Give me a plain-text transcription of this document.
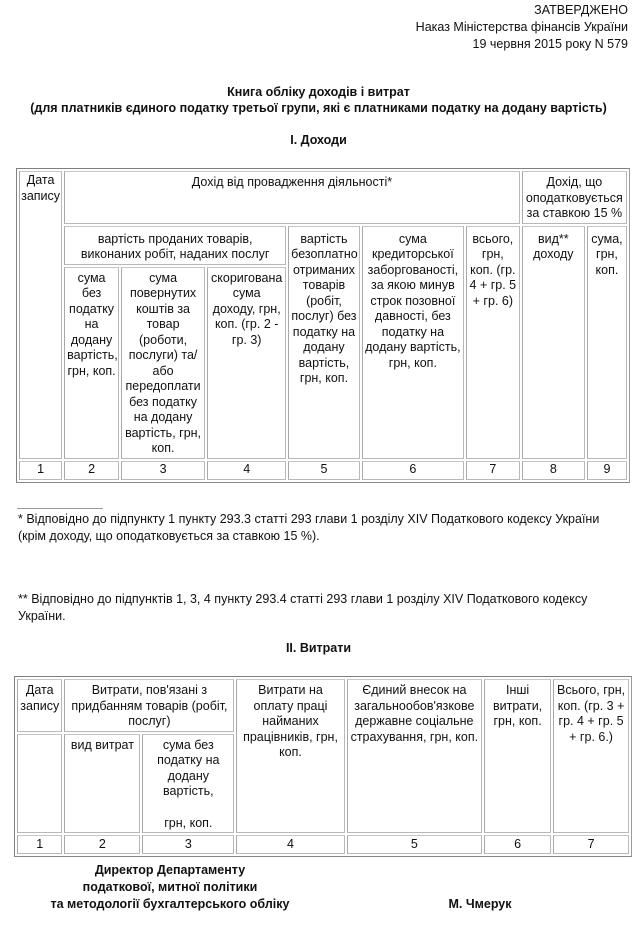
ЗАТВЕРДЖЕНО
Наказ Міністерства фінансів України
19 червня 2015 року N 579
Книга обліку доходів і витрат
(для платників єдиного податку третьої групи, які є платниками податку на додану вартість)
I. Доходи
Дата запису	Дохід від провадження діяльності*						Дохід, що оподатковується за ставкою 15 %	
	вартість проданих товарів, виконаних робіт, наданих послуг			вартість безоплатно отриманих товарів (робіт, послуг) без податку на додану вартість, грн, коп.	сума кредиторської заборгованості, за якою минув строк позовної давності, без податку на додану вартість, грн, коп.	всього, грн, коп. (гр. 4 + гр. 5 + гр. 6)	вид** доходу	сума, грн, коп.
	сума без податку на додану вартість, грн, коп.	сума повернутих коштів за товар (роботи, послуги) та/або передоплати без податку на додану вартість, грн, коп.	скоригована сума доходу, грн, коп. (гр. 2 - гр. 3)					
1	2	3	4	5	6	7	8	9
* Відповідно до підпункту 1 пункту 293.3 статті 293 глави 1 розділу XIV Податкового кодексу України (крім доходу, що оподатковується за ставкою 15 %).
** Відповідно до підпунктів 1, 3, 4 пункту 293.4 статті 293 глави 1 розділу XIV Податкового кодексу України.
II. Витрати
Дата запису	Витрати, пов'язані з придбанням товарів (робіт, послуг)		Витрати на оплату праці найманих працівників, грн, коп.	Єдиний внесок на загальнообов'язкове державне соціальне страхування, грн, коп.	Інші витрати, грн, коп.	Всього, грн, коп. (гр. 3 + гр. 4 + гр. 5 + гр. 6.)
	вид витрат	сума без податку на додану вартість,
грн, коп.				

1	2	3	4	5	6	7
Директор Департаменту
податкової, митної політики
та методології бухгалтерського обліку	М. Чмерук
